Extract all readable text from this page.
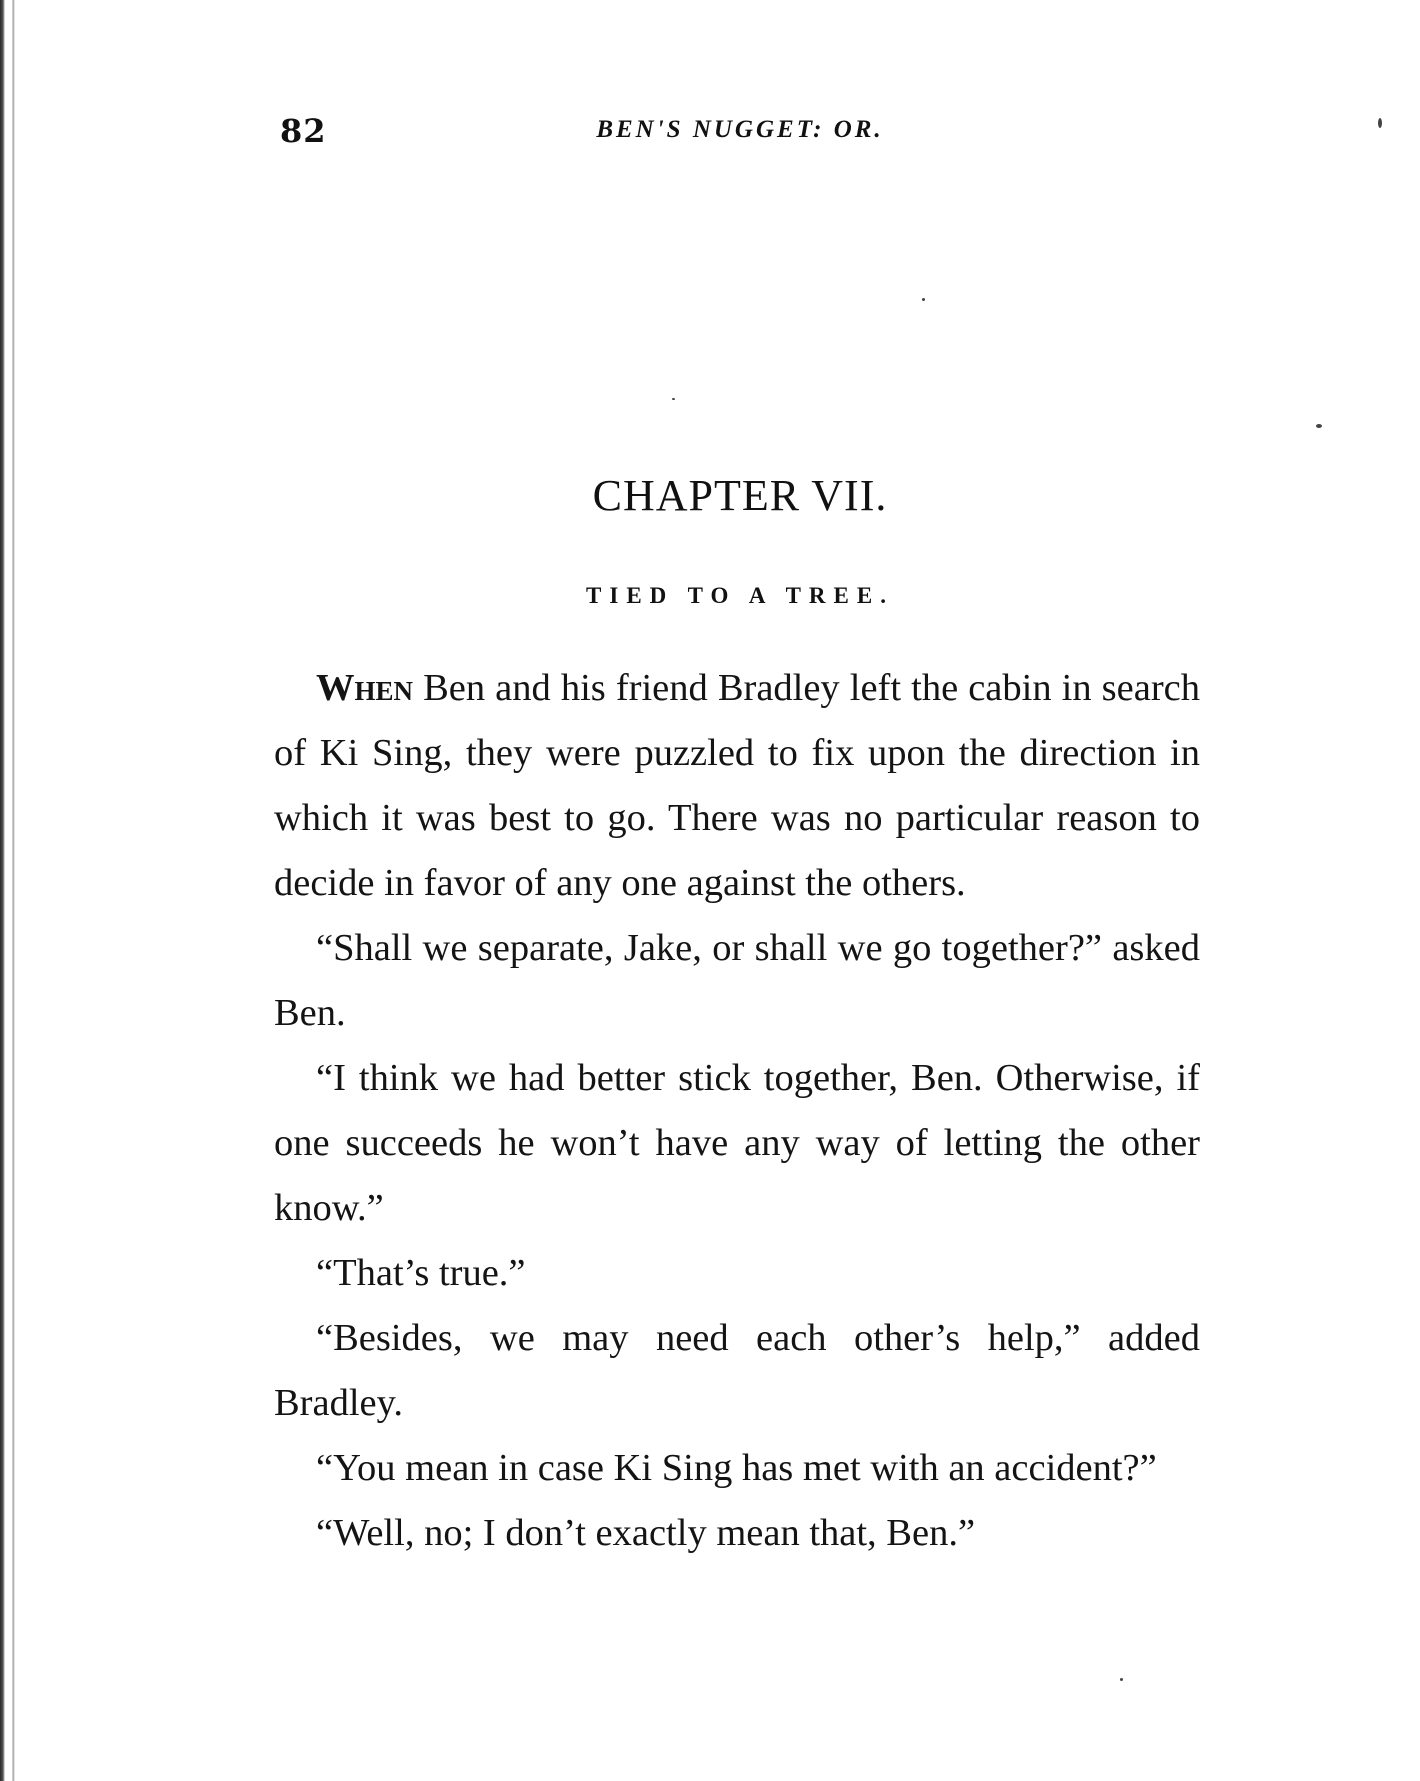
82	BEN'S NUGGET: OR.
CHAPTER VII.
TIED TO A TREE.

When Ben and his friend Bradley left the cabin in search of Ki Sing, they were puzzled to fix upon the direction in which it was best to go. There was no particular reason to decide in favor of any one against the others.

“Shall we separate, Jake, or shall we go together?” asked Ben.

“I think we had better stick together, Ben. Otherwise, if one succeeds he won’t have any way of letting the other know.”

“That’s true.”

“Besides, we may need each other’s help,” added Bradley.

“You mean in case Ki Sing has met with an accident?”

“Well, no; I don’t exactly mean that, Ben.”
